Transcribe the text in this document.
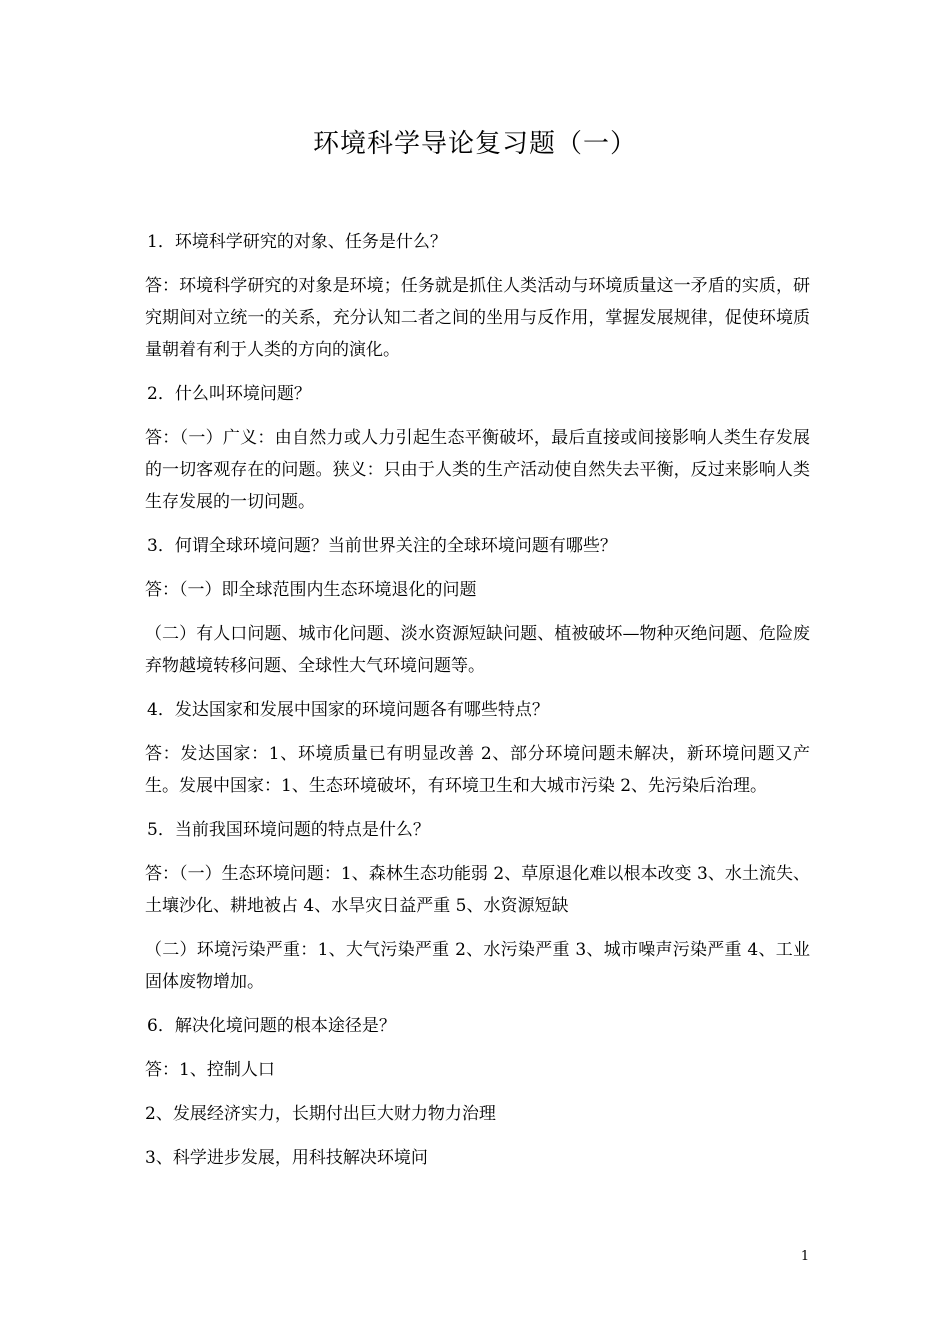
环境科学导论复习题（一）

1．环境科学研究的对象、任务是什么？

答：环境科学研究的对象是环境；任务就是抓住人类活动与环境质量这一矛盾的实质，研究期间对立统一的关系，充分认知二者之间的坐用与反作用，掌握发展规律，促使环境质量朝着有利于人类的方向的演化。

2．什么叫环境问题？

答：（一）广义：由自然力或人力引起生态平衡破坏，最后直接或间接影响人类生存发展的一切客观存在的问题。狭义：只由于人类的生产活动使自然失去平衡，反过来影响人类生存发展的一切问题。

3．何谓全球环境问题？当前世界关注的全球环境问题有哪些？

答：（一）即全球范围内生态环境退化的问题

（二）有人口问题、城市化问题、淡水资源短缺问题、植被破坏—物种灭绝问题、危险废弃物越境转移问题、全球性大气环境问题等。

4．发达国家和发展中国家的环境问题各有哪些特点？

答：发达国家：1、环境质量已有明显改善 2、部分环境问题未解决，新环境问题又产生。发展中国家：1、生态环境破坏，有环境卫生和大城市污染 2、先污染后治理。

5．当前我国环境问题的特点是什么？

答：（一）生态环境问题：1、森林生态功能弱 2、草原退化难以根本改变 3、水土流失、土壤沙化、耕地被占 4、水旱灾日益严重 5、水资源短缺

（二）环境污染严重：1、大气污染严重 2、水污染严重 3、城市噪声污染严重 4、工业固体废物增加。

6．解决化境问题的根本途径是？

答：1、控制人口

2、发展经济实力，长期付出巨大财力物力治理

3、科学进步发展，用科技解决环境问

1
